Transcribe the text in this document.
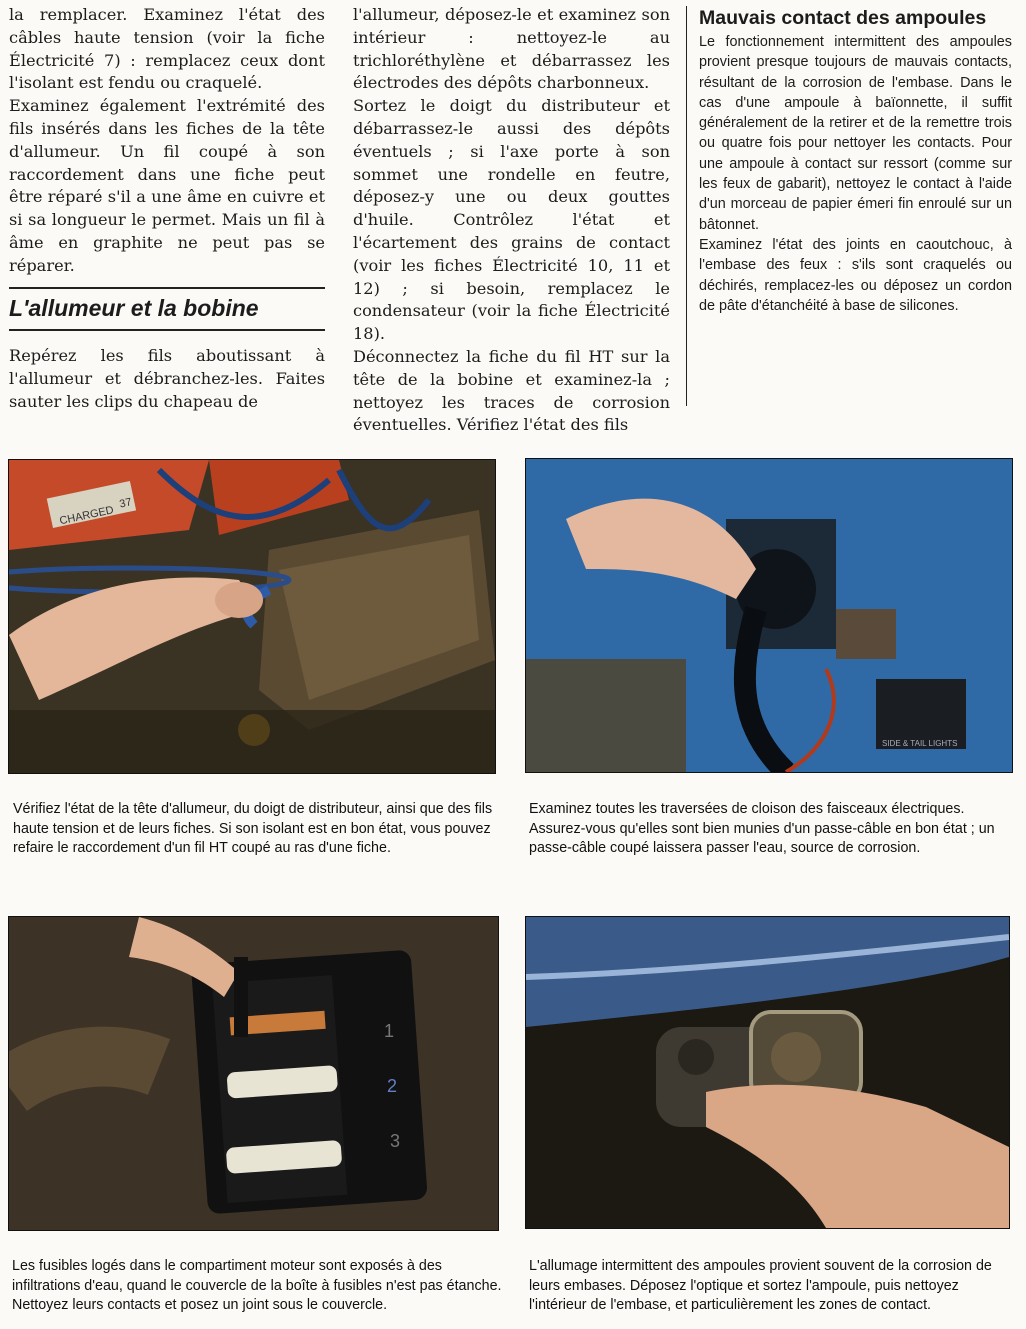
la remplacer. Examinez l'état des câbles haute tension (voir la fiche Électricité 7) : remplacez ceux dont l'isolant est fendu ou craquelé.

Examinez également l'extrémité des fils insérés dans les fiches de la tête d'allumeur. Un fil coupé à son raccordement dans une fiche peut être réparé s'il a une âme en cuivre et si sa longueur le permet. Mais un fil à âme en graphite ne peut pas se réparer.

L'allumeur et la bobine

Repérez les fils aboutissant à l'allumeur et débranchez-les. Faites sauter les clips du chapeau de

l'allumeur, déposez-le et examinez son intérieur : nettoyez-le au trichloréthylène et débarrassez les électrodes des dépôts charbonneux.

Sortez le doigt du distributeur et débarrassez-le aussi des dépôts éventuels ; si l'axe porte à son sommet une rondelle en feutre, déposez-y une ou deux gouttes d'huile. Contrôlez l'état et l'écartement des grains de contact (voir les fiches Électricité 10, 11 et 12) ; si besoin, remplacez le condensateur (voir la fiche Électricité 18).

Déconnectez la fiche du fil HT sur la tête de la bobine et examinez-la ; nettoyez les traces de corrosion éventuelles. Vérifiez l'état des fils

Mauvais contact des ampoules

Le fonctionnement intermittent des ampoules provient presque toujours de mauvais contacts, résultant de la corrosion de l'embase. Dans le cas d'une ampoule à baïonnette, il suffit généralement de la retirer et de la remettre trois ou quatre fois pour nettoyer les contacts. Pour une ampoule à contact sur ressort (comme sur les feux de gabarit), nettoyez le contact à l'aide d'un morceau de papier émeri fin enroulé sur un bâtonnet.

Examinez l'état des joints en caoutchouc, à l'embase des feux : s'ils sont craquelés ou déchirés, remplacez-les ou déposez un cordon de pâte d'étanchéité à base de silicones.

CHARGED
37
SIDE & TAIL LIGHTS
Vérifiez l'état de la tête d'allumeur, du doigt de distributeur, ainsi que des fils haute tension et de leurs fiches. Si son isolant est en bon état, vous pouvez refaire le raccordement d'un fil HT coupé au ras d'une fiche.
Examinez toutes les traversées de cloison des faisceaux électriques. Assurez-vous qu'elles sont bien munies d'un passe-câble en bon état ; un passe-câble coupé laissera passer l'eau, source de corrosion.
1
2
3
Les fusibles logés dans le compartiment moteur sont exposés à des infiltrations d'eau, quand le couvercle de la boîte à fusibles n'est pas étanche. Nettoyez leurs contacts et posez un joint sous le couvercle.
L'allumage intermittent des ampoules provient souvent de la corrosion de leurs embases. Déposez l'optique et sortez l'ampoule, puis nettoyez l'intérieur de l'embase, et particulièrement les zones de contact.
